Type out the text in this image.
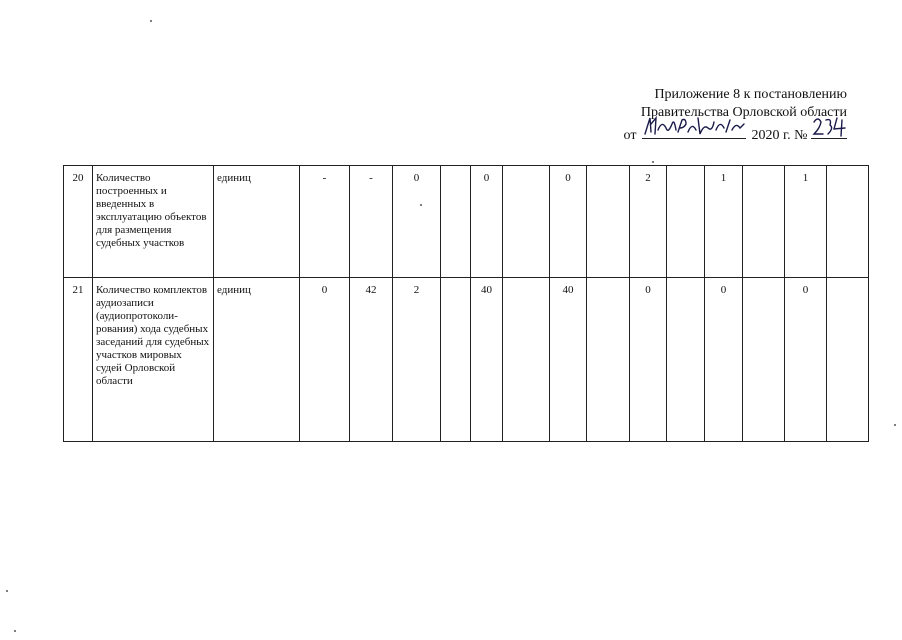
Приложение 8 к постановлению
Правительства Орловской области
от	2020 г. №
20	Количество построенных и введенных в эксплуатацию объектов для размещения судебных участков	единиц	-	-	0		0		0		2		1		1	
21	Количество комплектов аудиозаписи (аудиопротоколи-рования) хода судебных заседаний для судебных участков мировых судей Орловской области	единиц	0	42	2		40		40		0		0		0	
